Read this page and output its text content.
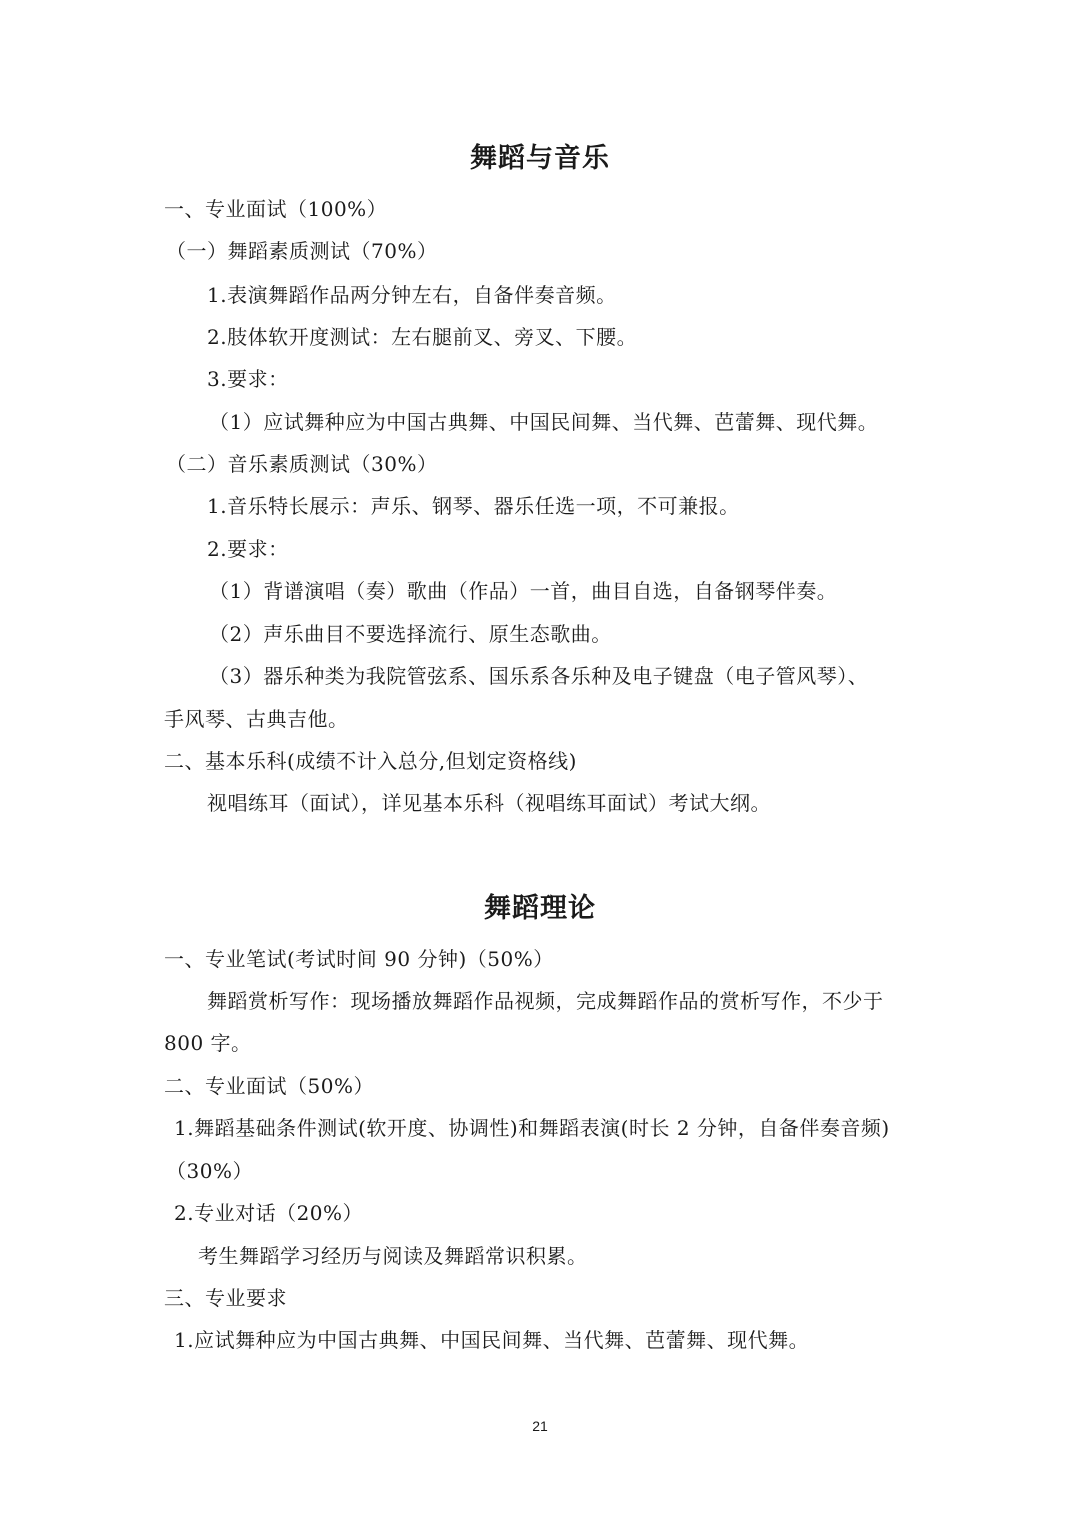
舞蹈与音乐
一、专业面试（100%）
（一）舞蹈素质测试（70%）
1.表演舞蹈作品两分钟左右，自备伴奏音频。
2.肢体软开度测试：左右腿前叉、旁叉、下腰。
3.要求：
（1）应试舞种应为中国古典舞、中国民间舞、当代舞、芭蕾舞、现代舞。
（二）音乐素质测试（30%）
1.音乐特长展示：声乐、钢琴、器乐任选一项，不可兼报。
2.要求：
（1）背谱演唱（奏）歌曲（作品）一首，曲目自选，自备钢琴伴奏。
（2）声乐曲目不要选择流行、原生态歌曲。
（3）器乐种类为我院管弦系、国乐系各乐种及电子键盘（电子管风琴）、
手风琴、古典吉他。
二、基本乐科(成绩不计入总分,但划定资格线)
视唱练耳（面试），详见基本乐科（视唱练耳面试）考试大纲。
舞蹈理论
一、专业笔试(考试时间 90 分钟)（50%）
舞蹈赏析写作：现场播放舞蹈作品视频，完成舞蹈作品的赏析写作，不少于
800 字。
二、专业面试（50%）
1.舞蹈基础条件测试(软开度、协调性)和舞蹈表演(时长 2 分钟，自备伴奏音频)
（30%）
2.专业对话（20%）
考生舞蹈学习经历与阅读及舞蹈常识积累。
三、专业要求
1.应试舞种应为中国古典舞、中国民间舞、当代舞、芭蕾舞、现代舞。
21
